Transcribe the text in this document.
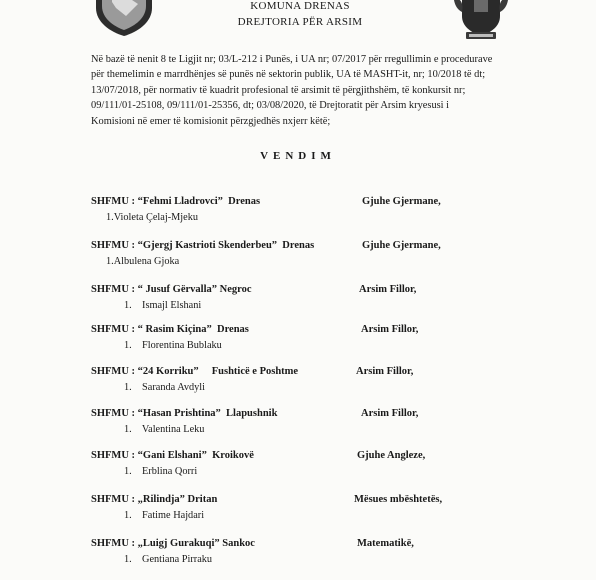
KOMUNA DRENAS
DREJTORIA PËR ARSIM
Në bazë të nenit 8 te Ligjit nr; 03/L-212 i Punës, i UA nr; 07/2017 për rregullimin e procedurave
për themelimin e marrdhënjes së punës në sektorin publik, UA të MASHT-it, nr; 10/2018 të dt;
13/07/2018, për normativ të kuadrit profesional të arsimit të përgjithshëm, të konkursit nr;
09/111/01-25108, 09/111/01-25356, dt; 03/08/2020, të Drejtoratit për Arsim kryesusi i
Komisioni në emer të komisionit përzgjedhës nxjerr këtë;
VENDIM
SHFMU : “Fehmi Lladrovci”  Drenas	Gjuhe Gjermane,
1.Violeta Çelaj-Mjeku
SHFMU : “Gjergj Kastrioti Skenderbeu”  Drenas	Gjuhe Gjermane,
1.Albulena Gjoka
SHFMU : “ Jusuf Gërvalla” Negroc	Arsim Fillor,
1.    Ismajl Elshani
SHFMU : “ Rasim Kiçina”  Drenas	Arsim Fillor,
1.    Florentina Bublaku
SHFMU : “24 Korriku”     Fushticë e Poshtme	Arsim Fillor,
1.    Saranda Avdyli
SHFMU : “Hasan Prishtina”  Llapushnik	Arsim Fillor,
1.    Valentina Leku
SHFMU : “Gani Elshani”  Kroikovë	Gjuhe Angleze,
1.    Erblina Qorri
SHFMU : „Rilindja” Dritan	Mësues mbështetës,
1.    Fatime Hajdari
SHFMU : „Luigj Gurakuqi” Sankoc	Matematikë,
1.    Gentiana Pirraku
